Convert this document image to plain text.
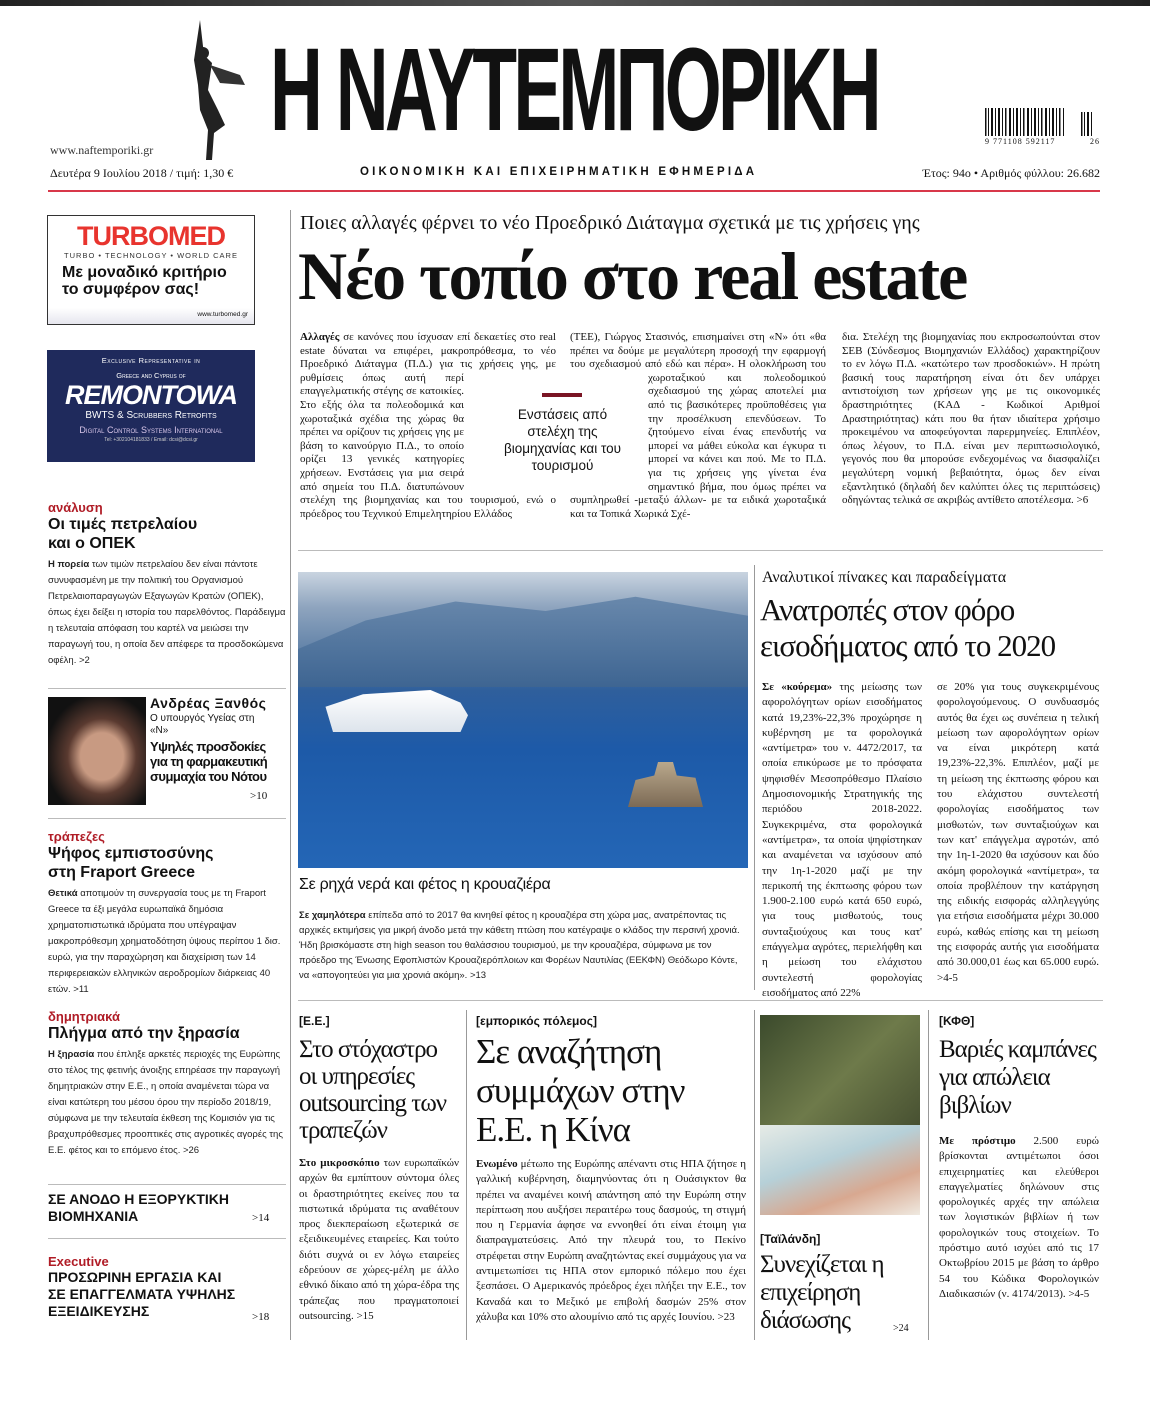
Η ΝΑΥΤΕΜΠΟΡΙΚΗ
www.naftemporiki.gr
9 771108 592117	26
Δευτέρα 9 Ιουλίου 2018 / τιμή: 1,30 €	ΟΙΚΟΝΟΜΙΚΗ ΚΑΙ ΕΠΙΧΕΙΡΗΜΑΤΙΚΗ ΕΦΗΜΕΡΙΔΑ	Έτος: 94ο • Αριθμός φύλλου: 26.682
TURBOMED
TURBO • TECHNOLOGY • WORLD CARE
Με μοναδικό κριτήριο το συμφέρον σας!
www.turbomed.gr
Exclusive Representative in
Greece and Cyprus of
REMONTOWA
BWTS & Scrubbers Retrofits
Digital Control Systems International
Tel: +302104181833 / Email: dcsi@dcsi.gr
ανάλυση
Οι τιμές πετρελαίου και ο ΟΠΕΚ
Η πορεία των τιμών πετρελαίου δεν είναι πάντοτε συνυφασμένη με την πολιτική του Οργανισμού Πετρελαιοπαραγωγών Εξαγωγών Κρατών (ΟΠΕΚ), όπως έχει δείξει η ιστορία του παρελθόντος. Παράδειγμα η τελευταία απόφαση του καρτέλ να μειώσει την παραγωγή του, η οποία δεν απέφερε τα προσδοκώμενα οφέλη. >2
Ανδρέας Ξανθός
Ο υπουργός Υγείας στη «Ν»
Υψηλές προσδοκίες για τη φαρμακευτική συμμαχία του Νότου
>10
τράπεζες
Ψήφος εμπιστοσύνης στη Fraport Greece
Θετικά αποτιμούν τη συνεργασία τους με τη Fraport Greece τα έξι μεγάλα ευρωπαϊκά δημόσια χρηματοπιστωτικά ιδρύματα που υπέγραψαν μακροπρόθεσμη χρηματοδότηση ύψους περίπου 1 δισ. ευρώ, για την παραχώρηση και διαχείριση των 14 περιφερειακών ελληνικών αεροδρομίων διάρκειας 40 ετών. >11
δημητριακά
Πλήγμα από την ξηρασία
Η ξηρασία που έπληξε αρκετές περιοχές της Ευρώπης στο τέλος της φετινής άνοιξης επηρέασε την παραγωγή δημητριακών στην Ε.Ε., η οποία αναμένεται τώρα να είναι κατώτερη του μέσου όρου την περίοδο 2018/19, σύμφωνα με την τελευταία έκθεση της Κομισιόν για τις βραχυπρόθεσμες προοπτικές στις αγροτικές αγορές της Ε.Ε. φέτος και το επόμενο έτος. >26
ΣΕ ΑΝΟΔΟ Η ΕΞΟΡΥΚΤΙΚΗ ΒΙΟΜΗΧΑΝΙΑ	>14
Executive
ΠΡΟΣΩΡΙΝΗ ΕΡΓΑΣΙΑ ΚΑΙ ΣΕ ΕΠΑΓΓΕΛΜΑΤΑ ΥΨΗΛΗΣ ΕΞΕΙΔΙΚΕΥΣΗΣ	>18
Ποιες αλλαγές φέρνει το νέο Προεδρικό Διάταγμα σχετικά με τις χρήσεις γης
Νέο τοπίο στο real estate
Αλλαγές σε κανόνες που ίσχυσαν επί δεκαετίες στο real estate δύναται να επιφέρει, μακροπρόθεσμα, το νέο Προεδρικό Διάταγμα (Π.Δ.) για τις χρήσεις γης, με ρυθμίσεις όπως αυτή περί επαγγελματικής στέγης σε κατοικίες. Στο εξής όλα τα πολεοδομικά και χωροταξικά σχέδια της χώρας θα πρέπει να ορίζουν τις χρήσεις γης με βάση το καινούργιο Π.Δ., το οποίο ορίζει 13 γενικές κατηγορίες χρήσεων. Ενστάσεις για μια σειρά από σημεία του Π.Δ. διατυπώνουν στελέχη της βιομηχανίας και του τουρισμού, ενώ ο πρόεδρος του Τεχνικού Επιμελητηρίου Ελλάδος
(ΤΕΕ), Γιώργος Στασινός, επισημαίνει στη «Ν» ότι «θα πρέπει να δούμε με μεγαλύτερη προσοχή την εφαρμογή του σχεδιασμού από εδώ και πέρα». Η ολοκλήρωση του χωροταξικού και πολεοδομικού σχεδιασμού της χώρας αποτελεί μια από τις βασικότερες προϋποθέσεις για την προσέλκυση επενδύσεων. Το ζητούμενο είναι ένας επενδυτής να μπορεί να μάθει εύκολα και έγκυρα τι μπορεί να κάνει και πού. Με το Π.Δ. για τις χρήσεις γης γίνεται ένα σημαντικό βήμα, που όμως πρέπει να συμπληρωθεί -μεταξύ άλλων- με τα ειδικά χωροταξικά και τα Τοπικά Χωρικά Σχέ-
δια. Στελέχη της βιομηχανίας που εκπροσωπούνται στον ΣΕΒ (Σύνδεσμος Βιομηχανιών Ελλάδος) χαρακτηρίζουν το εν λόγω Π.Δ. «κατώτερο των προσδοκιών». Η πρώτη βασική τους παρατήρηση είναι ότι δεν υπάρχει αντιστοίχιση των χρήσεων γης με τις οικονομικές δραστηριότητες (ΚΑΔ - Κωδικοί Αριθμοί Δραστηριότητας) κάτι που θα ήταν ιδιαίτερα χρήσιμο προκειμένου να αποφεύγονται παρερμηνείες. Επιπλέον, όπως λέγουν, το Π.Δ. είναι μεν περιπτωσιολογικό, γεγονός που θα μπορούσε ενδεχομένως να διασφαλίζει μεγαλύτερη νομική βεβαιότητα, όμως δεν είναι εξαντλητικό (δηλαδή δεν καλύπτει όλες τις περιπτώσεις) οδηγώντας τελικά σε ακριβώς αντίθετο αποτέλεσμα. >6
Ενστάσεις από στελέχη της βιομηχανίας και του τουρισμού
Σε ρηχά νερά και φέτος η κρουαζιέρα
Σε χαμηλότερα επίπεδα από το 2017 θα κινηθεί φέτος η κρουαζιέρα στη χώρα μας, ανατρέποντας τις αρχικές εκτιμήσεις για μικρή άνοδο μετά την κάθετη πτώση που κατέγραψε ο κλάδος την περσινή χρονιά. Ήδη βρισκόμαστε στη high season του θαλάσσιου τουρισμού, με την κρουαζιέρα, σύμφωνα με τον πρόεδρο της Ένωσης Εφοπλιστών Κρουαζιερόπλοιων και Φορέων Ναυτιλίας (ΕΕΚΦΝ) Θεόδωρο Κόντε, να «απογοητεύει για μια χρονιά ακόμη». >13
Αναλυτικοί πίνακες και παραδείγματα
Ανατροπές στον φόρο εισοδήματος από το 2020
Σε «κούρεμα» της μείωσης των αφορολόγητων ορίων εισοδήματος κατά 19,23%-22,3% προχώρησε η κυβέρνηση με τα φορολογικά «αντίμετρα» του ν. 4472/2017, τα οποία επικύρωσε με το πρόσφατα ψηφισθέν Μεσοπρόθεσμο Πλαίσιο Δημοσιονομικής Στρατηγικής της περιόδου 2018-2022. Συγκεκριμένα, στα φορολογικά «αντίμετρα», τα οποία ψηφίστηκαν και αναμένεται να ισχύσουν από την 1η-1-2020 μαζί με την περικοπή της έκπτωσης φόρου των 1.900-2.100 ευρώ κατά 650 ευρώ, για τους μισθωτούς, τους συνταξιούχους και τους κατ' επάγγελμα αγρότες, περιελήφθη και η μείωση του ελάχιστου συντελεστή φορολογίας εισοδήματος από 22%
σε 20% για τους συγκεκριμένους φορολογούμενους. Ο συνδυασμός αυτός θα έχει ως συνέπεια η τελική μείωση των αφορολόγητων ορίων να είναι μικρότερη κατά 19,23%-22,3%. Επιπλέον, μαζί με τη μείωση της έκπτωσης φόρου και του ελάχιστου συντελεστή φορολογίας εισοδήματος των μισθωτών, των συνταξιούχων και των κατ' επάγγελμα αγροτών, από την 1η-1-2020 θα ισχύσουν και δύο ακόμη φορολογικά «αντίμετρα», τα οποία προβλέπουν την κατάργηση της ειδικής εισφοράς αλληλεγγύης για ετήσια εισοδήματα μέχρι 30.000 ευρώ, καθώς επίσης και τη μείωση της εισφοράς αυτής για εισοδήματα από 30.000,01 έως και 65.000 ευρώ. >4-5
[Ε.Ε.]
Στο στόχαστρο οι υπηρεσίες outsourcing των τραπεζών
Στο μικροσκόπιο των ευρωπαϊκών αρχών θα εμπίπτουν σύντομα όλες οι δραστηριότητες εκείνες που τα πιστωτικά ιδρύματα τις αναθέτουν προς διεκπεραίωση εξωτερικά σε εξειδικευμένες εταιρείες. Και τούτο διότι συχνά οι εν λόγω εταιρείες εδρεύουν σε χώρες-μέλη με άλλο εθνικό δίκαιο από τη χώρα-έδρα της τράπεζας που πραγματοποιεί outsourcing. >15
[εμπορικός πόλεμος]
Σε αναζήτηση συμμάχων στην Ε.Ε. η Κίνα
Ενωμένο μέτωπο της Ευρώπης απέναντι στις ΗΠΑ ζήτησε η γαλλική κυβέρνηση, διαμηνύοντας ότι η Ουάσιγκτον θα πρέπει να αναμένει κοινή απάντηση από την Ευρώπη στην περίπτωση που αυξήσει περαιτέρω τους δασμούς, τη στιγμή που η Γερμανία άφησε να εννοηθεί ότι είναι έτοιμη για διαπραγματεύσεις. Από την πλευρά του, το Πεκίνο στρέφεται στην Ευρώπη αναζητώντας εκεί συμμάχους για να αντιμετωπίσει τις ΗΠΑ στον εμπορικό πόλεμο που έχει ξεσπάσει. Ο Αμερικανός πρόεδρος έχει πλήξει την Ε.Ε., τον Καναδά και το Μεξικό με επιβολή δασμών 25% στον χάλυβα και 10% στο αλουμίνιο από τις αρχές Ιουνίου. >23
[Ταϊλάνδη]
Συνεχίζεται η επιχείρηση διάσωσης	>24
[ΚΦΘ]
Βαριές καμπάνες για απώλεια βιβλίων
Με πρόστιμο 2.500 ευρώ βρίσκονται αντιμέτωποι όσοι επιχειρηματίες και ελεύθεροι επαγγελματίες δηλώνουν στις φορολογικές αρχές την απώλεια των λογιστικών βιβλίων ή των φορολογικών τους στοιχείων. Το πρόστιμο αυτό ισχύει από τις 17 Οκτωβρίου 2015 με βάση το άρθρο 54 του Κώδικα Φορολογικών Διαδικασιών (ν. 4174/2013). >4-5
